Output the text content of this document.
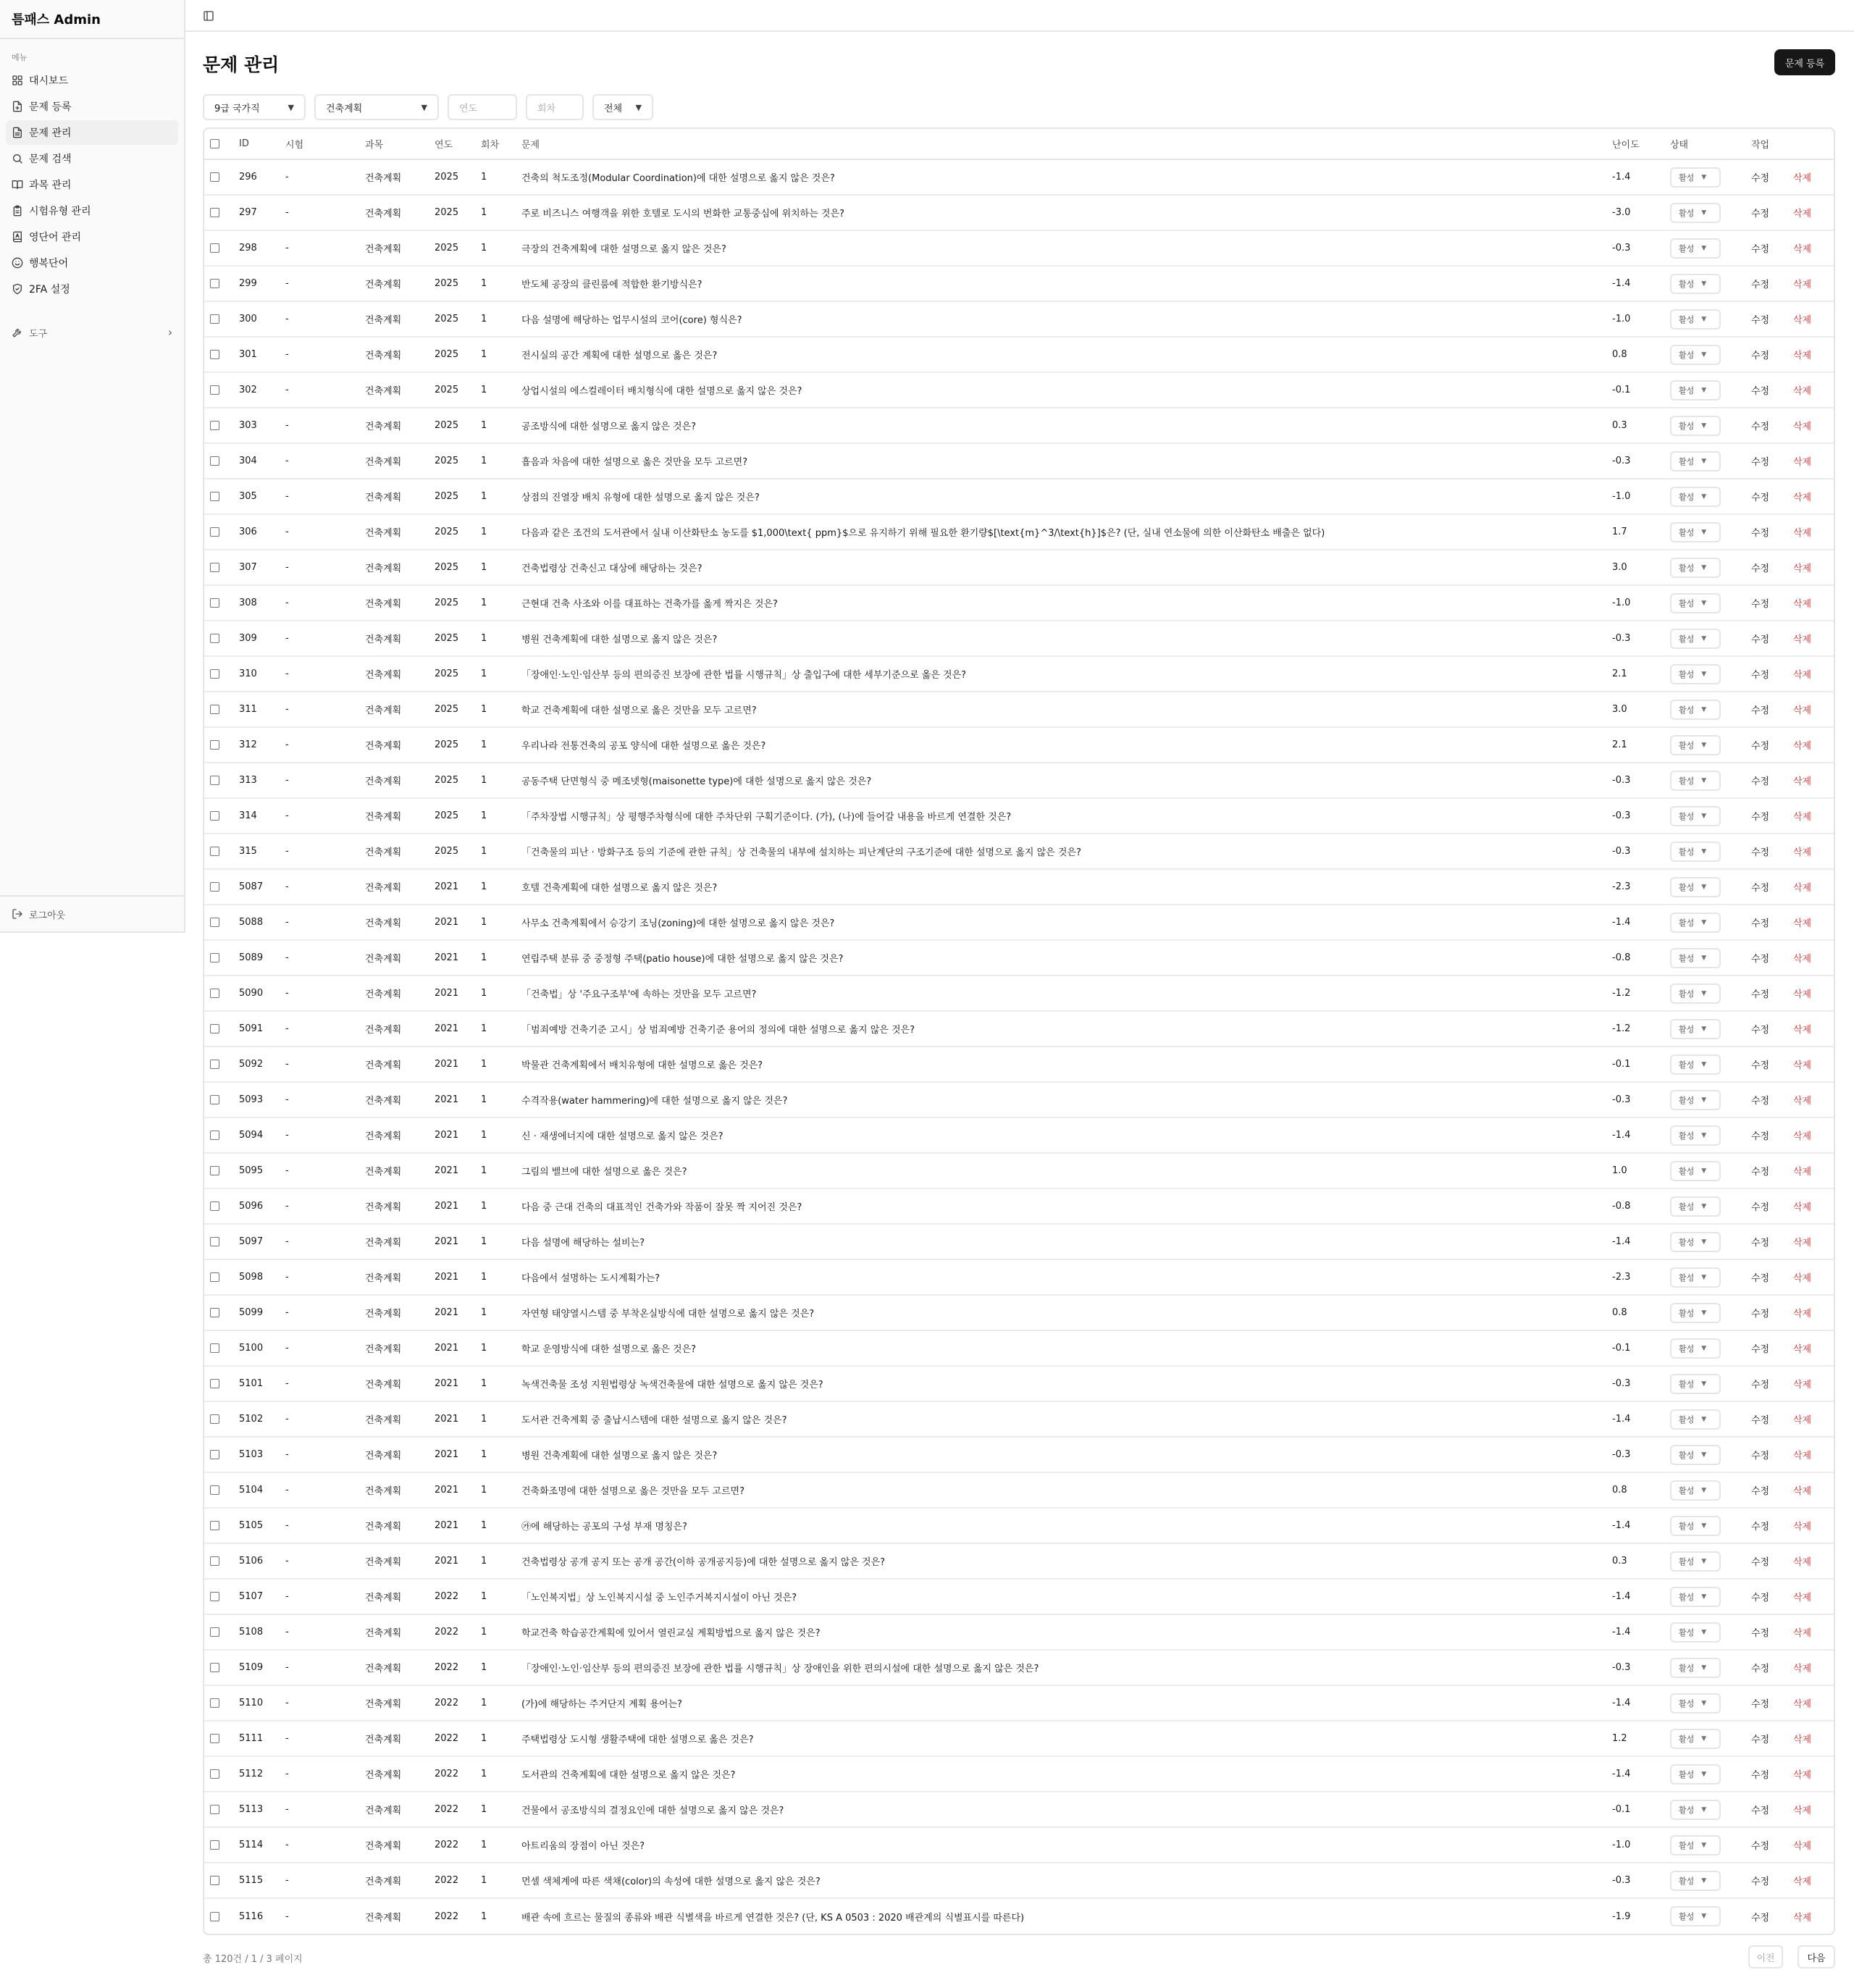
틈패스 Admin
메뉴
대시보드
문제 등록
문제 관리
문제 검색
과목 관리
시험유형 관리
영단어 관리
행복단어
2FA 설정
도구	›
로그아웃
문제 관리	문제 등록
9급 국가직	▼	건축계획	▼	연도	회차	전체 ▼
	ID	시험	과목	연도	회차	문제	난이도	상태	작업	
	296	-	건축계획	2025	1	건축의 척도조정(Modular Coordination)에 대한 설명으로 옳지 않은 것은?	-1.4	활성 ▼	수정	삭제
	297	-	건축계획	2025	1	주로 비즈니스 여행객을 위한 호텔로 도시의 번화한 교통중심에 위치하는 것은?	-3.0	활성 ▼	수정	삭제
	298	-	건축계획	2025	1	극장의 건축계획에 대한 설명으로 옳지 않은 것은?	-0.3	활성 ▼	수정	삭제
	299	-	건축계획	2025	1	반도체 공장의 클린룸에 적합한 환기방식은?	-1.4	활성 ▼	수정	삭제
	300	-	건축계획	2025	1	다음 설명에 해당하는 업무시설의 코어(core) 형식은?	-1.0	활성 ▼	수정	삭제
	301	-	건축계획	2025	1	전시실의 공간 계획에 대한 설명으로 옳은 것은?	0.8	활성 ▼	수정	삭제
	302	-	건축계획	2025	1	상업시설의 에스컬레이터 배치형식에 대한 설명으로 옳지 않은 것은?	-0.1	활성 ▼	수정	삭제
	303	-	건축계획	2025	1	공조방식에 대한 설명으로 옳지 않은 것은?	0.3	활성 ▼	수정	삭제
	304	-	건축계획	2025	1	흡음과 차음에 대한 설명으로 옳은 것만을 모두 고르면?	-0.3	활성 ▼	수정	삭제
	305	-	건축계획	2025	1	상점의 진열장 배치 유형에 대한 설명으로 옳지 않은 것은?	-1.0	활성 ▼	수정	삭제
	306	-	건축계획	2025	1	다음과 같은 조건의 도서관에서 실내 이산화탄소 농도를 $1,000\text{ ppm}$으로 유지하기 위해 필요한 환기량$[\text{m}^3/\text{h}]$은? (단, 실내 연소물에 의한 이산화탄소 배출은 없다)	1.7	활성 ▼	수정	삭제
	307	-	건축계획	2025	1	건축법령상 건축신고 대상에 해당하는 것은?	3.0	활성 ▼	수정	삭제
	308	-	건축계획	2025	1	근현대 건축 사조와 이를 대표하는 건축가를 옳게 짝지은 것은?	-1.0	활성 ▼	수정	삭제
	309	-	건축계획	2025	1	병원 건축계획에 대한 설명으로 옳지 않은 것은?	-0.3	활성 ▼	수정	삭제
	310	-	건축계획	2025	1	「장애인·노인·임산부 등의 편의증진 보장에 관한 법률 시행규칙」상 출입구에 대한 세부기준으로 옳은 것은?	2.1	활성 ▼	수정	삭제
	311	-	건축계획	2025	1	학교 건축계획에 대한 설명으로 옳은 것만을 모두 고르면?	3.0	활성 ▼	수정	삭제
	312	-	건축계획	2025	1	우리나라 전통건축의 공포 양식에 대한 설명으로 옳은 것은?	2.1	활성 ▼	수정	삭제
	313	-	건축계획	2025	1	공동주택 단면형식 중 메조넷형(maisonette type)에 대한 설명으로 옳지 않은 것은?	-0.3	활성 ▼	수정	삭제
	314	-	건축계획	2025	1	「주차장법 시행규칙」상 평행주차형식에 대한 주차단위 구획기준이다. (가), (나)에 들어갈 내용을 바르게 연결한 것은?	-0.3	활성 ▼	수정	삭제
	315	-	건축계획	2025	1	「건축물의 피난 · 방화구조 등의 기준에 관한 규칙」상 건축물의 내부에 설치하는 피난계단의 구조기준에 대한 설명으로 옳지 않은 것은?	-0.3	활성 ▼	수정	삭제
	5087	-	건축계획	2021	1	호텔 건축계획에 대한 설명으로 옳지 않은 것은?	-2.3	활성 ▼	수정	삭제
	5088	-	건축계획	2021	1	사무소 건축계획에서 승강기 조닝(zoning)에 대한 설명으로 옳지 않은 것은?	-1.4	활성 ▼	수정	삭제
	5089	-	건축계획	2021	1	연립주택 분류 중 중정형 주택(patio house)에 대한 설명으로 옳지 않은 것은?	-0.8	활성 ▼	수정	삭제
	5090	-	건축계획	2021	1	「건축법」상 '주요구조부'에 속하는 것만을 모두 고르면?	-1.2	활성 ▼	수정	삭제
	5091	-	건축계획	2021	1	「범죄예방 건축기준 고시」상 범죄예방 건축기준 용어의 정의에 대한 설명으로 옳지 않은 것은?	-1.2	활성 ▼	수정	삭제
	5092	-	건축계획	2021	1	박물관 건축계획에서 배치유형에 대한 설명으로 옳은 것은?	-0.1	활성 ▼	수정	삭제
	5093	-	건축계획	2021	1	수격작용(water hammering)에 대한 설명으로 옳지 않은 것은?	-0.3	활성 ▼	수정	삭제
	5094	-	건축계획	2021	1	신 · 재생에너지에 대한 설명으로 옳지 않은 것은?	-1.4	활성 ▼	수정	삭제
	5095	-	건축계획	2021	1	그림의 밸브에 대한 설명으로 옳은 것은?	1.0	활성 ▼	수정	삭제
	5096	-	건축계획	2021	1	다음 중 근대 건축의 대표적인 건축가와 작품이 잘못 짝 지어진 것은?	-0.8	활성 ▼	수정	삭제
	5097	-	건축계획	2021	1	다음 설명에 해당하는 설비는?	-1.4	활성 ▼	수정	삭제
	5098	-	건축계획	2021	1	다음에서 설명하는 도시계획가는?	-2.3	활성 ▼	수정	삭제
	5099	-	건축계획	2021	1	자연형 태양열시스템 중 부착온실방식에 대한 설명으로 옳지 않은 것은?	0.8	활성 ▼	수정	삭제
	5100	-	건축계획	2021	1	학교 운영방식에 대한 설명으로 옳은 것은?	-0.1	활성 ▼	수정	삭제
	5101	-	건축계획	2021	1	녹색건축물 조성 지원법령상 녹색건축물에 대한 설명으로 옳지 않은 것은?	-0.3	활성 ▼	수정	삭제
	5102	-	건축계획	2021	1	도서관 건축계획 중 출납시스템에 대한 설명으로 옳지 않은 것은?	-1.4	활성 ▼	수정	삭제
	5103	-	건축계획	2021	1	병원 건축계획에 대한 설명으로 옳지 않은 것은?	-0.3	활성 ▼	수정	삭제
	5104	-	건축계획	2021	1	건축화조명에 대한 설명으로 옳은 것만을 모두 고르면?	0.8	활성 ▼	수정	삭제
	5105	-	건축계획	2021	1	㉮에 해당하는 공포의 구성 부재 명칭은?	-1.4	활성 ▼	수정	삭제
	5106	-	건축계획	2021	1	건축법령상 공개 공지 또는 공개 공간(이하 공개공지등)에 대한 설명으로 옳지 않은 것은?	0.3	활성 ▼	수정	삭제
	5107	-	건축계획	2022	1	「노인복지법」상 노인복지시설 중 노인주거복지시설이 아닌 것은?	-1.4	활성 ▼	수정	삭제
	5108	-	건축계획	2022	1	학교건축 학습공간계획에 있어서 열린교실 계획방법으로 옳지 않은 것은?	-1.4	활성 ▼	수정	삭제
	5109	-	건축계획	2022	1	「장애인·노인·임산부 등의 편의증진 보장에 관한 법률 시행규칙」상 장애인을 위한 편의시설에 대한 설명으로 옳지 않은 것은?	-0.3	활성 ▼	수정	삭제
	5110	-	건축계획	2022	1	(가)에 해당하는 주거단지 계획 용어는?	-1.4	활성 ▼	수정	삭제
	5111	-	건축계획	2022	1	주택법령상 도시형 생활주택에 대한 설명으로 옳은 것은?	1.2	활성 ▼	수정	삭제
	5112	-	건축계획	2022	1	도서관의 건축계획에 대한 설명으로 옳지 않은 것은?	-1.4	활성 ▼	수정	삭제
	5113	-	건축계획	2022	1	건물에서 공조방식의 결정요인에 대한 설명으로 옳지 않은 것은?	-0.1	활성 ▼	수정	삭제
	5114	-	건축계획	2022	1	아트리움의 장점이 아닌 것은?	-1.0	활성 ▼	수정	삭제
	5115	-	건축계획	2022	1	먼셀 색체계에 따른 색채(color)의 속성에 대한 설명으로 옳지 않은 것은?	-0.3	활성 ▼	수정	삭제
	5116	-	건축계획	2022	1	배관 속에 흐르는 물질의 종류와 배관 식별색을 바르게 연결한 것은? (단, KS A 0503 : 2020 배관계의 식별표시를 따른다)	-1.9	활성 ▼	수정	삭제
총 120건 / 1 / 3 페이지	이전	다음
